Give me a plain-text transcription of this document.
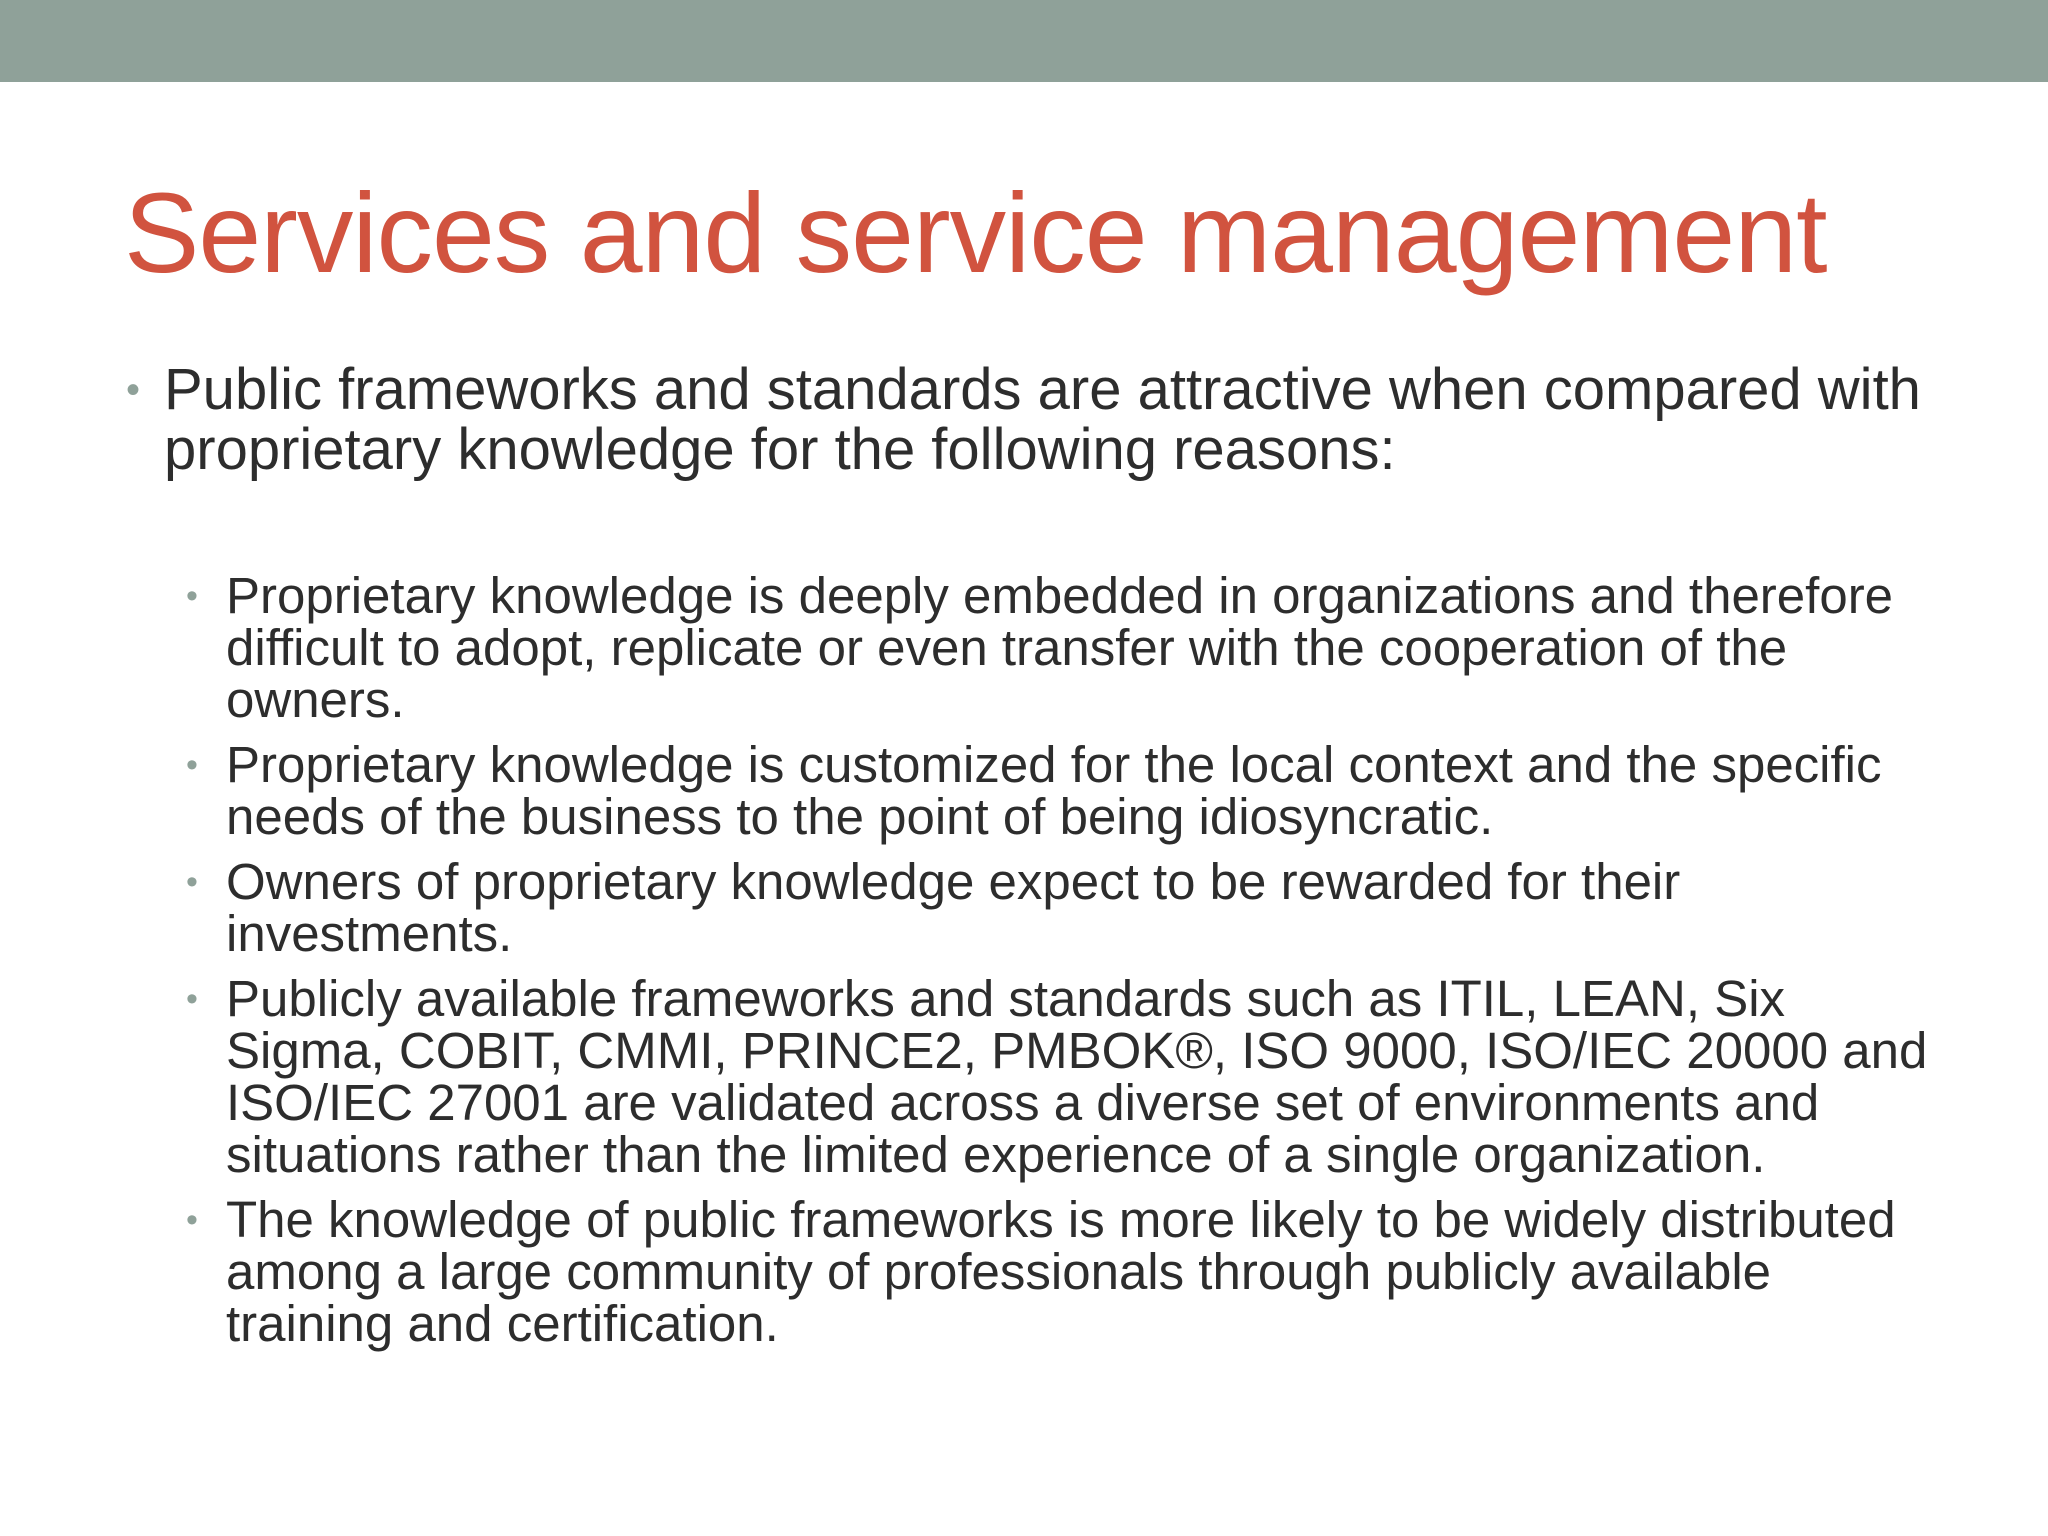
Services and service management
• Public frameworks and standards are attractive when compared with proprietary knowledge for the following reasons:
• Proprietary knowledge is deeply embedded in organizations and therefore difficult to adopt, replicate or even transfer with the cooperation of the owners.
• Proprietary knowledge is customized for the local context and the specific needs of the business to the point of being idiosyncratic.
• Owners of proprietary knowledge expect to be rewarded for their investments.
• Publicly available frameworks and standards such as ITIL, LEAN, Six Sigma, COBIT, CMMI, PRINCE2, PMBOK®, ISO 9000, ISO/IEC 20000 and ISO/IEC 27001 are validated across a diverse set of environments and situations rather than the limited experience of a single organization.
• The knowledge of public frameworks is more likely to be widely distributed among a large community of professionals through publicly available training and certification.
